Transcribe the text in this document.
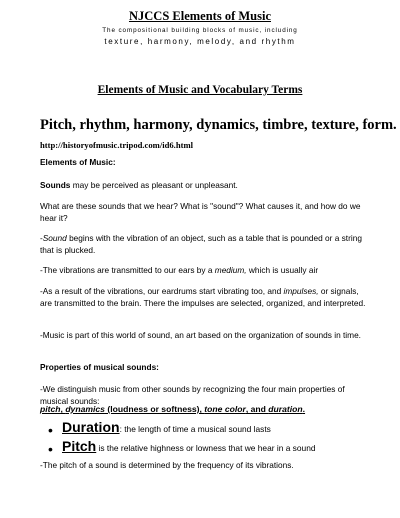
NJCCS Elements of Music
The compositional building blocks of music, including
texture, harmony, melody, and rhythm
Elements of Music and Vocabulary Terms
Pitch, rhythm, harmony, dynamics, timbre, texture, form.
http://historyofmusic.tripod.com/id6.html
Elements of Music:
Sounds may be perceived as pleasant or unpleasant.
What are these sounds that we hear? What is "sound"? What causes it, and how do we hear it?
-Sound begins with the vibration of an object, such as a table that is pounded or a string that is plucked.
-The vibrations are transmitted to our ears by a medium, which is usually air
-As a result of the vibrations, our eardrums start vibrating too, and impulses, or signals, are transmitted to the brain. There the impulses are selected, organized, and interpreted.
-Music is part of this world of sound, an art based on the organization of sounds in time.
Properties of musical sounds:
-We distinguish music from other sounds by recognizing the four main properties of musical sounds:
pitch, dynamics (loudness or softness), tone color, and duration.
• Duration: the length of time a musical sound lasts
• Pitch is the relative highness or lowness that we hear in a sound
-The pitch of a sound is determined by the frequency of its vibrations.
